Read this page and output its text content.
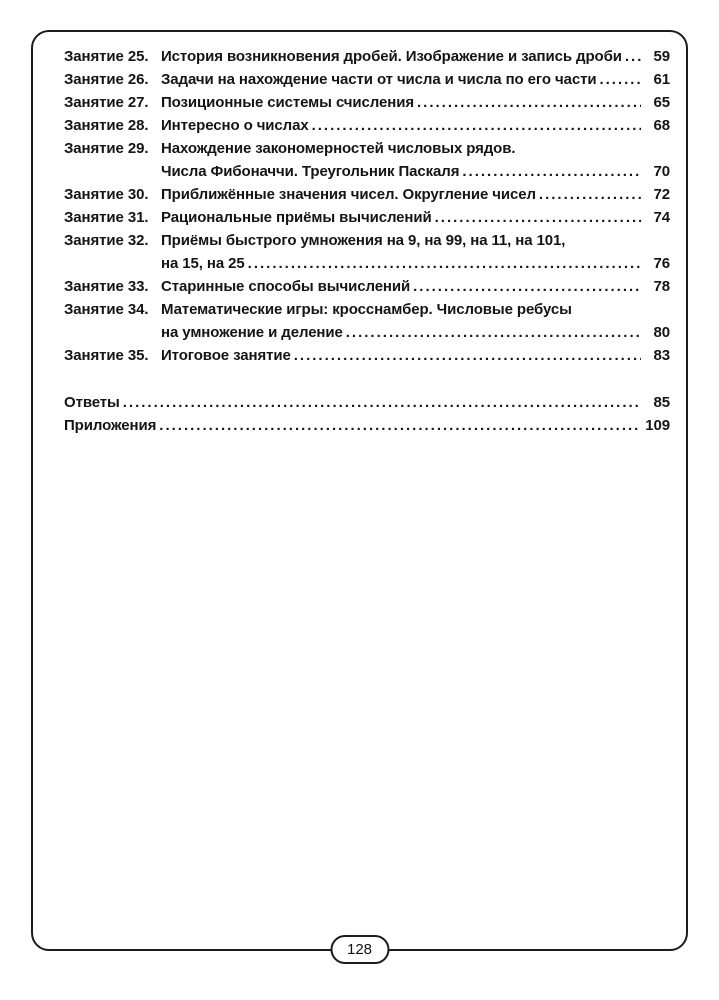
Занятие 25. История возникновения дробей. Изображение и запись дроби .....	59
Занятие 26. Задачи на нахождение части от числа и числа по его части .....	61
Занятие 27. Позиционные системы счисления .....	65
Занятие 28. Интересно о числах .....	68
Занятие 29. Нахождение закономерностей числовых рядов.
Числа Фибоначчи. Треугольник Паскаля .....	70
Занятие 30. Приближённые значения чисел. Округление чисел .....	72
Занятие 31. Рациональные приёмы вычислений .....	74
Занятие 32. Приёмы быстрого умножения на 9, на 99, на 11, на 101,
на 15, на 25 .....	76
Занятие 33. Старинные способы вычислений .....	78
Занятие 34. Математические игры: кросснамбер. Числовые ребусы
на умножение и деление .....	80
Занятие 35. Итоговое занятие .....	83
Ответы .....	85
Приложения .....	109
128
